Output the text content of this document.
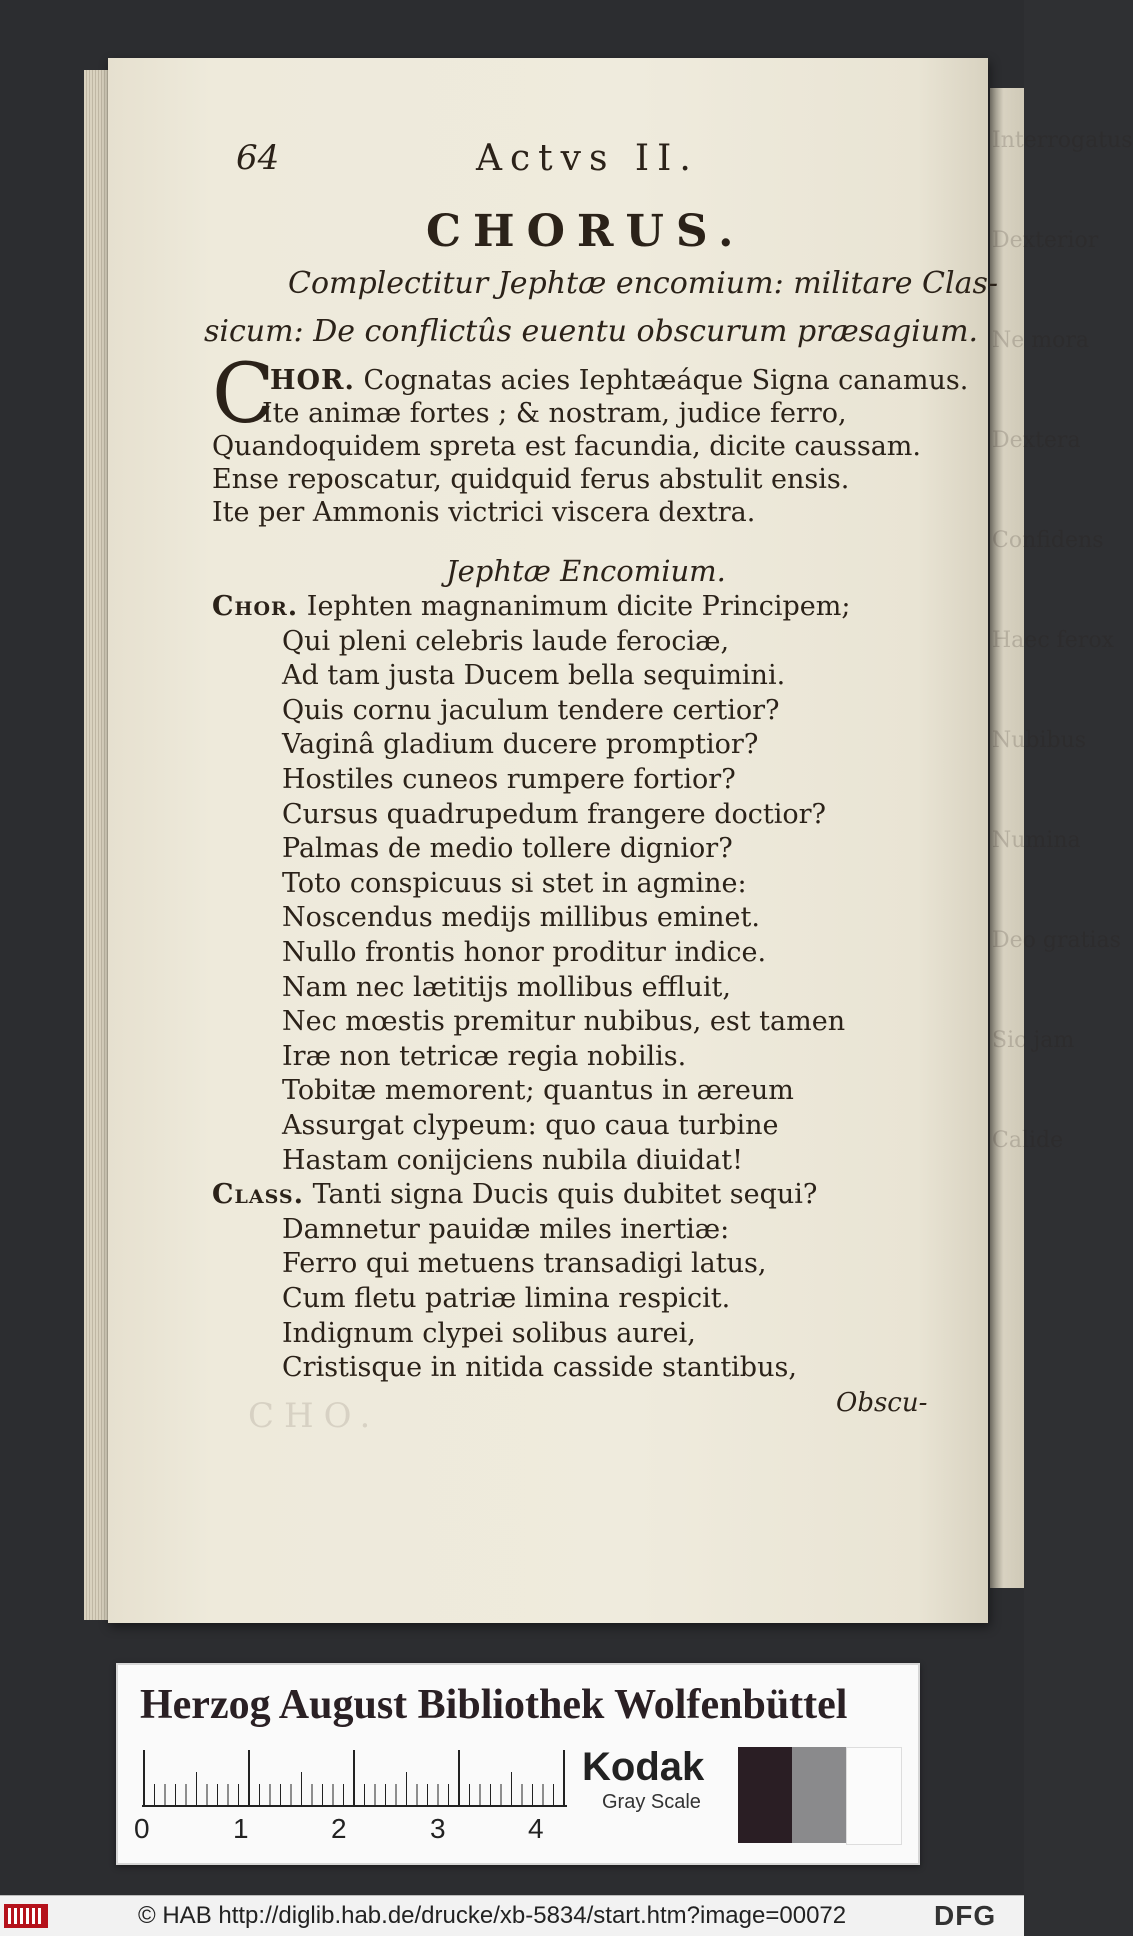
Interrogatus
Dexterior
Ne mora
Dextera
Confidens
Haec ferox
Nubibus
Numina
Deo gratias
Sic jam
Calide
64	Actvs II.
CHORUS.
Complectitur Jephtæ encomium: militare Clas-
sicum: De conflictûs euentu obscurum præsagium.
C
HOR. Cognatas acies Iephtæáque Signa canamus.
Ite animæ fortes ; & nostram, judice ferro,
Quandoquidem spreta est facundia, dicite caussam.
Ense reposcatur, quidquid ferus abstulit ensis.
Ite per Ammonis victrici viscera dextra.
Jephtæ Encomium.
Chor. Iephten magnanimum dicite Principem;
Qui pleni celebris laude ferociæ,
Ad tam justa Ducem bella sequimini.
Quis cornu jaculum tendere certior?
Vaginâ gladium ducere promptior?
Hostiles cuneos rumpere fortior?
Cursus quadrupedum frangere doctior?
Palmas de medio tollere dignior?
Toto conspicuus si stet in agmine:
Noscendus medijs millibus eminet.
Nullo frontis honor proditur indice.
Nam nec lætitijs mollibus effluit,
Nec mœstis premitur nubibus, est tamen
Iræ non tetricæ regia nobilis.
Tobitæ memorent; quantus in æreum
Assurgat clypeum: quo caua turbine
Hastam conijciens nubila diuidat!
Class. Tanti signa Ducis quis dubitet sequi?
Damnetur pauidæ miles inertiæ:
Ferro qui metuens transadigi latus,
Cum fletu patriæ limina respicit.
Indignum clypei solibus aurei,
Cristisque in nitida casside stantibus,
CHO.	Obscu-
Herzog August Bibliothek Wolfenbüttel
0	1	2	3	4
Kodak
Gray Scale
© HAB http://diglib.hab.de/drucke/xb-5834/start.htm?image=00072	DFG
